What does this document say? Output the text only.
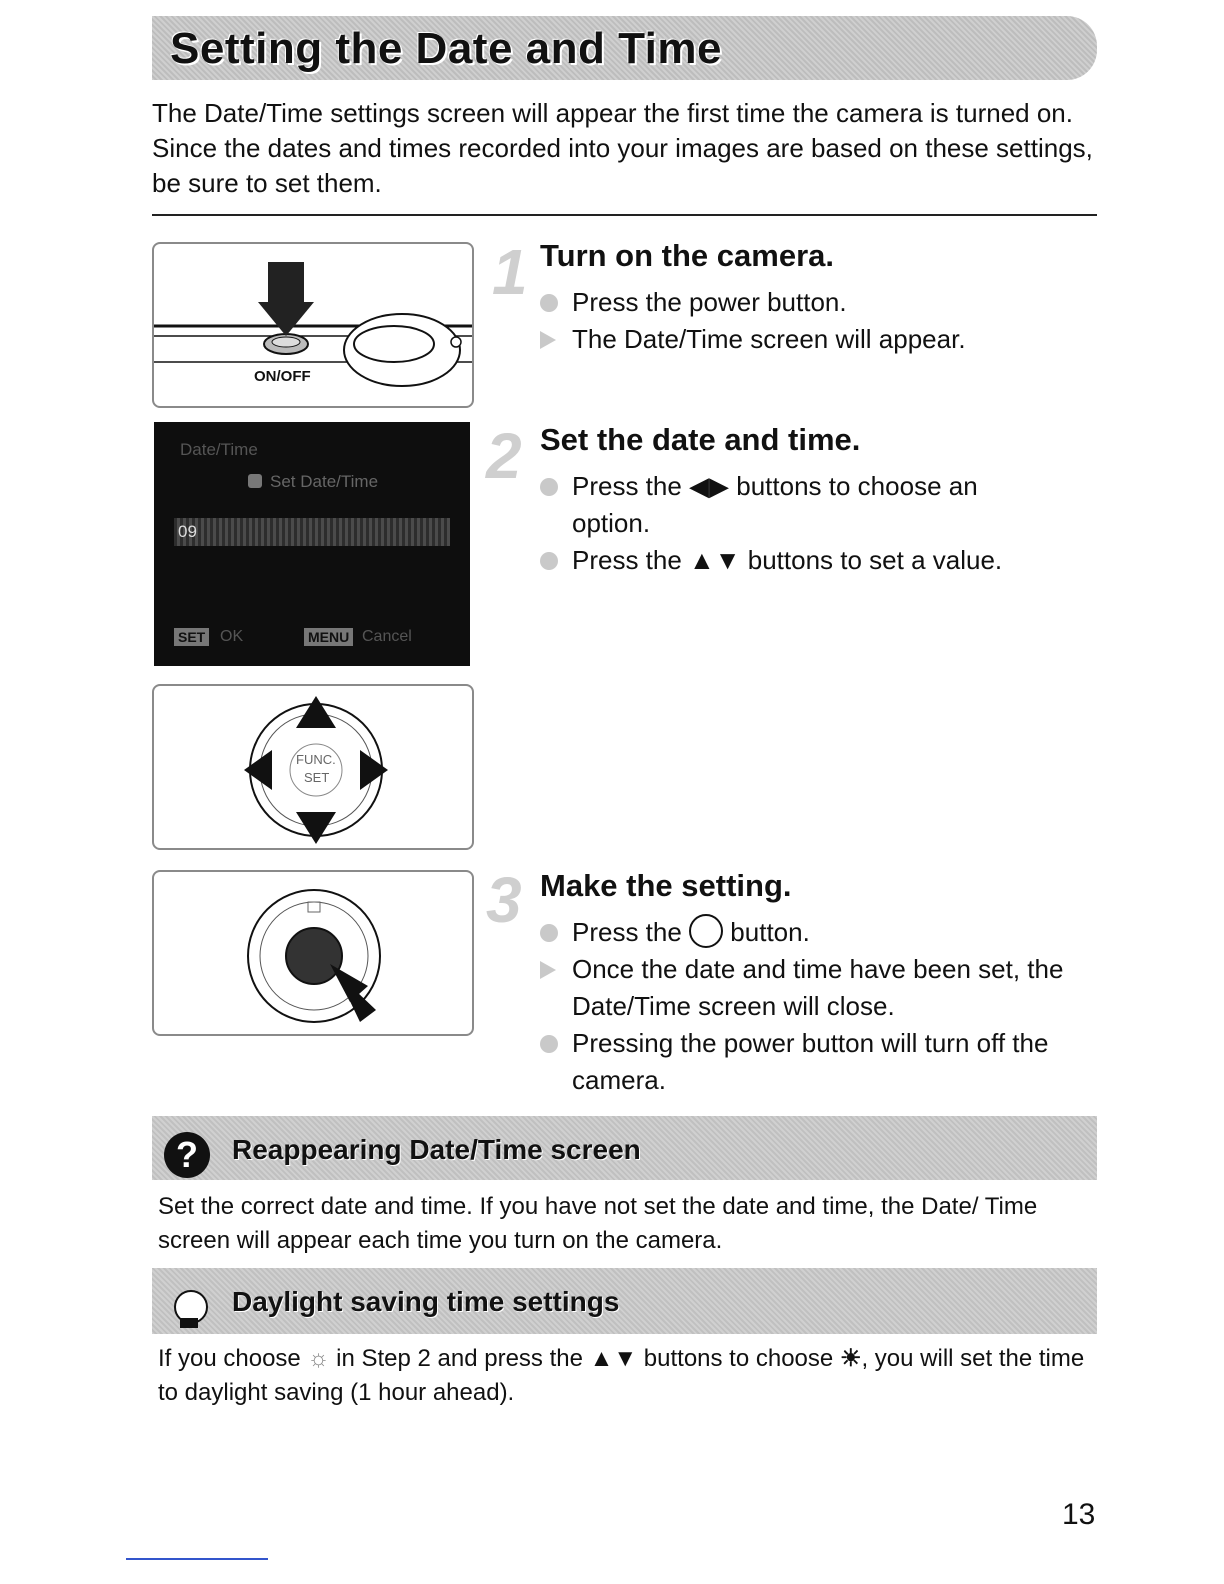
Setting the Date and Time
The Date/Time settings screen will appear the first time the camera is turned on. Since the dates and times recorded into your images are based on these settings, be sure to set them.
ON/OFF
Date/Time
Set Date/Time
09
SET OK	MENU Cancel
FUNC.
SET
1 Turn on the camera.
Press the power button.
The Date/Time screen will appear.
2 Set the date and time.
Press the ◀▶ buttons to choose an option.
Press the ▲▼ buttons to set a value.
3 Make the setting.
Press the button.
Once the date and time have been set, the Date/Time screen will close.
Pressing the power button will turn off the camera.
?	Reappearing Date/Time screen
Set the correct date and time. If you have not set the date and time, the Date/ Time screen will appear each time you turn on the camera.
Daylight saving time settings
If you choose ☼ in Step 2 and press the ▲▼ buttons to choose ☀, you will set the time to daylight saving (1 hour ahead).
13
